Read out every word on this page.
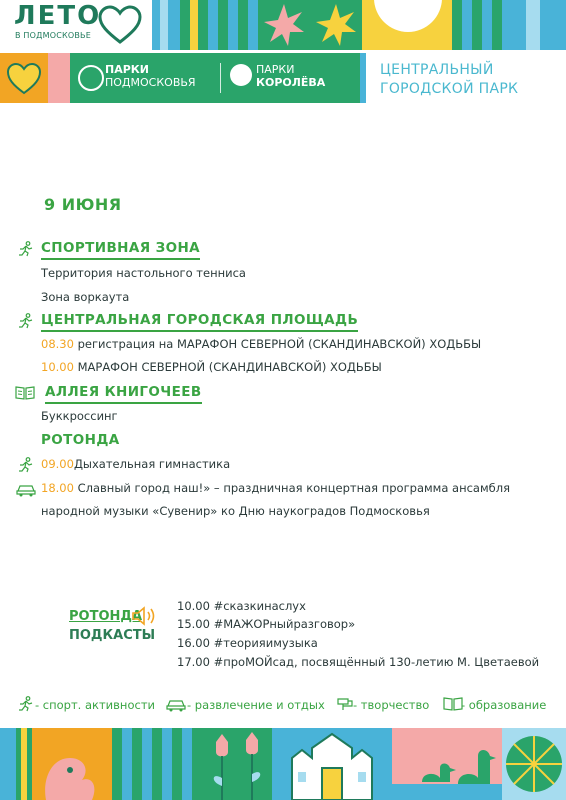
ЛЕТО
В ПОДМОСКОВЬЕ
ПАРКИ
ПОДМОСКОВЬЯ
ПАРКИ
КОРОЛЁВА
ЦЕНТРАЛЬНЫЙ
ГОРОДСКОЙ ПАРК
9 ИЮНЯ
СПОРТИВНАЯ ЗОНА
Территория настольного тенниса
Зона воркаута
ЦЕНТРАЛЬНАЯ ГОРОДСКАЯ ПЛОЩАДЬ
08.30 регистрация на МАРАФОН СЕВЕРНОЙ (СКАНДИНАВСКОЙ) ХОДЬБЫ
10.00 МАРАФОН СЕВЕРНОЙ (СКАНДИНАВСКОЙ) ХОДЬБЫ
АЛЛЕЯ КНИГОЧЕЕВ
Буккроссинг
РОТОНДА
09.00Дыхательная гимнастика
18.00 Славный город наш!» – праздничная концертная программа ансамбля
народной музыки «Сувенир» ко Дню наукоградов Подмосковья
РОТОНДА
ПОДКАСТЫ
10.00 #сказкинаслух
15.00 #МАЖОРныйразговор»
16.00 #теорияимузыка
17.00 #проМОЙсад, посвящённый 130-летию М. Цветаевой
- спорт. активности	- развлечение и отдых - творчество	- образование
